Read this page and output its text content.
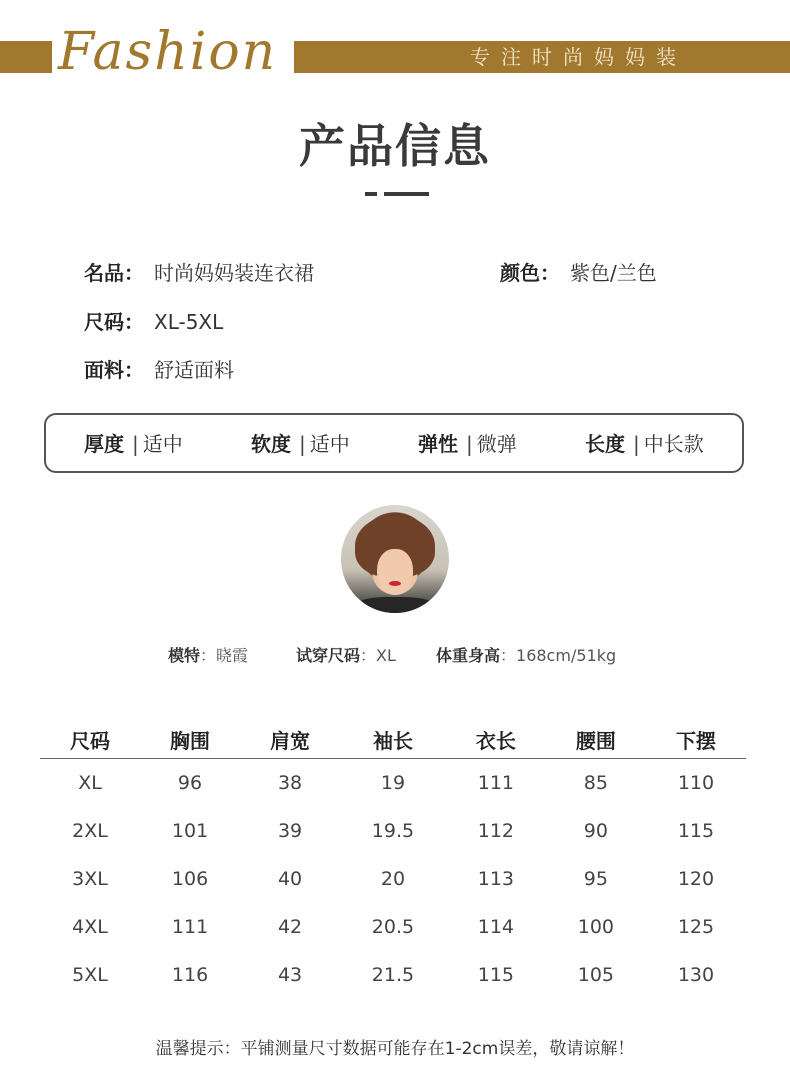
Fashion	专注时尚妈妈装
产品信息
名品： 时尚妈妈装连衣裙	颜色： 紫色/兰色
尺码： XL-5XL
面料： 舒适面料
厚度 | 适中	软度 | 适中	弹性 | 微弹	长度 | 中长款
模特：晓霞	试穿尺码：XL	体重身高：168cm/51kg
尺码	胸围	肩宽	袖长	衣长	腰围	下摆
XL	96	38	19	111	85	110
2XL	101	39	19.5	112	90	115
3XL	106	40	20	113	95	120
4XL	111	42	20.5	114	100	125
5XL	116	43	21.5	115	105	130
温馨提示：平铺测量尺寸数据可能存在1-2cm误差，敬请谅解！
